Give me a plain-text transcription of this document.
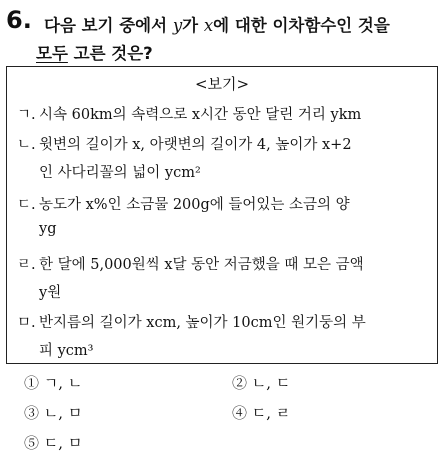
6. 다음 보기 중에서 y가 x에 대한 이차함수인 것을
모두 고른 것은?
<보기>
ㄱ. 시속 60km의 속력으로 x시간 동안 달린 거리 ykm
ㄴ. 윗변의 길이가 x, 아랫변의 길이가 4, 높이가 x+2
인 사다리꼴의 넓이 ycm²
ㄷ. 농도가 x%인 소금물 200g에 들어있는 소금의 양
yg
ㄹ. 한 달에 5,000원씩 x달 동안 저금했을 때 모은 금액
y원
ㅁ. 반지름의 길이가 xcm, 높이가 10cm인 원기둥의 부
피 ycm³
① ㄱ, ㄴ	② ㄴ, ㄷ
③ ㄴ, ㅁ	④ ㄷ, ㄹ
⑤ ㄷ, ㅁ
